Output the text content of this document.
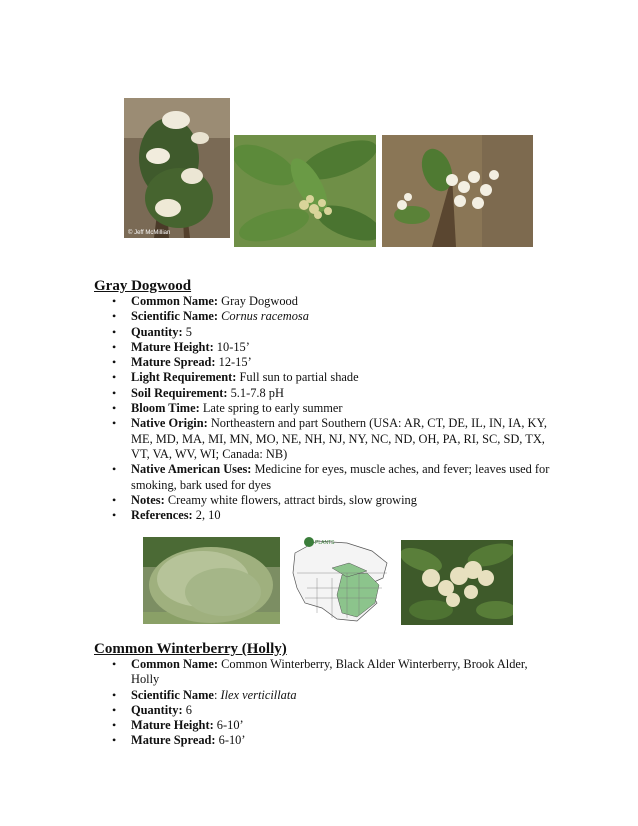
© Jeff McMillian
Gray Dogwood
• Common Name: Gray Dogwood
• Scientific Name: Cornus racemosa
• Quantity: 5
• Mature Height: 10-15’
• Mature Spread: 12-15’
• Light Requirement: Full sun to partial shade
• Soil Requirement: 5.1-7.8 pH
• Bloom Time: Late spring to early summer
• Native Origin: Northeastern and part Southern (USA: AR, CT, DE, IL, IN, IA, KY, ME, MD, MA, MI, MN, MO, NE, NH, NJ, NY, NC, ND, OH, PA, RI, SC, SD, TX, VT, VA, WV, WI; Canada: NB)
• Native American Uses: Medicine for eyes, muscle aches, and fever; leaves used for smoking, bark used for dyes
• Notes: Creamy white flowers, attract birds, slow growing
• References: 2, 10
PLANTS
Common Winterberry (Holly)
• Common Name: Common Winterberry, Black Alder Winterberry, Brook Alder, Holly
• Scientific Name: Ilex verticillata
• Quantity: 6
• Mature Height: 6-10’
• Mature Spread: 6-10’
